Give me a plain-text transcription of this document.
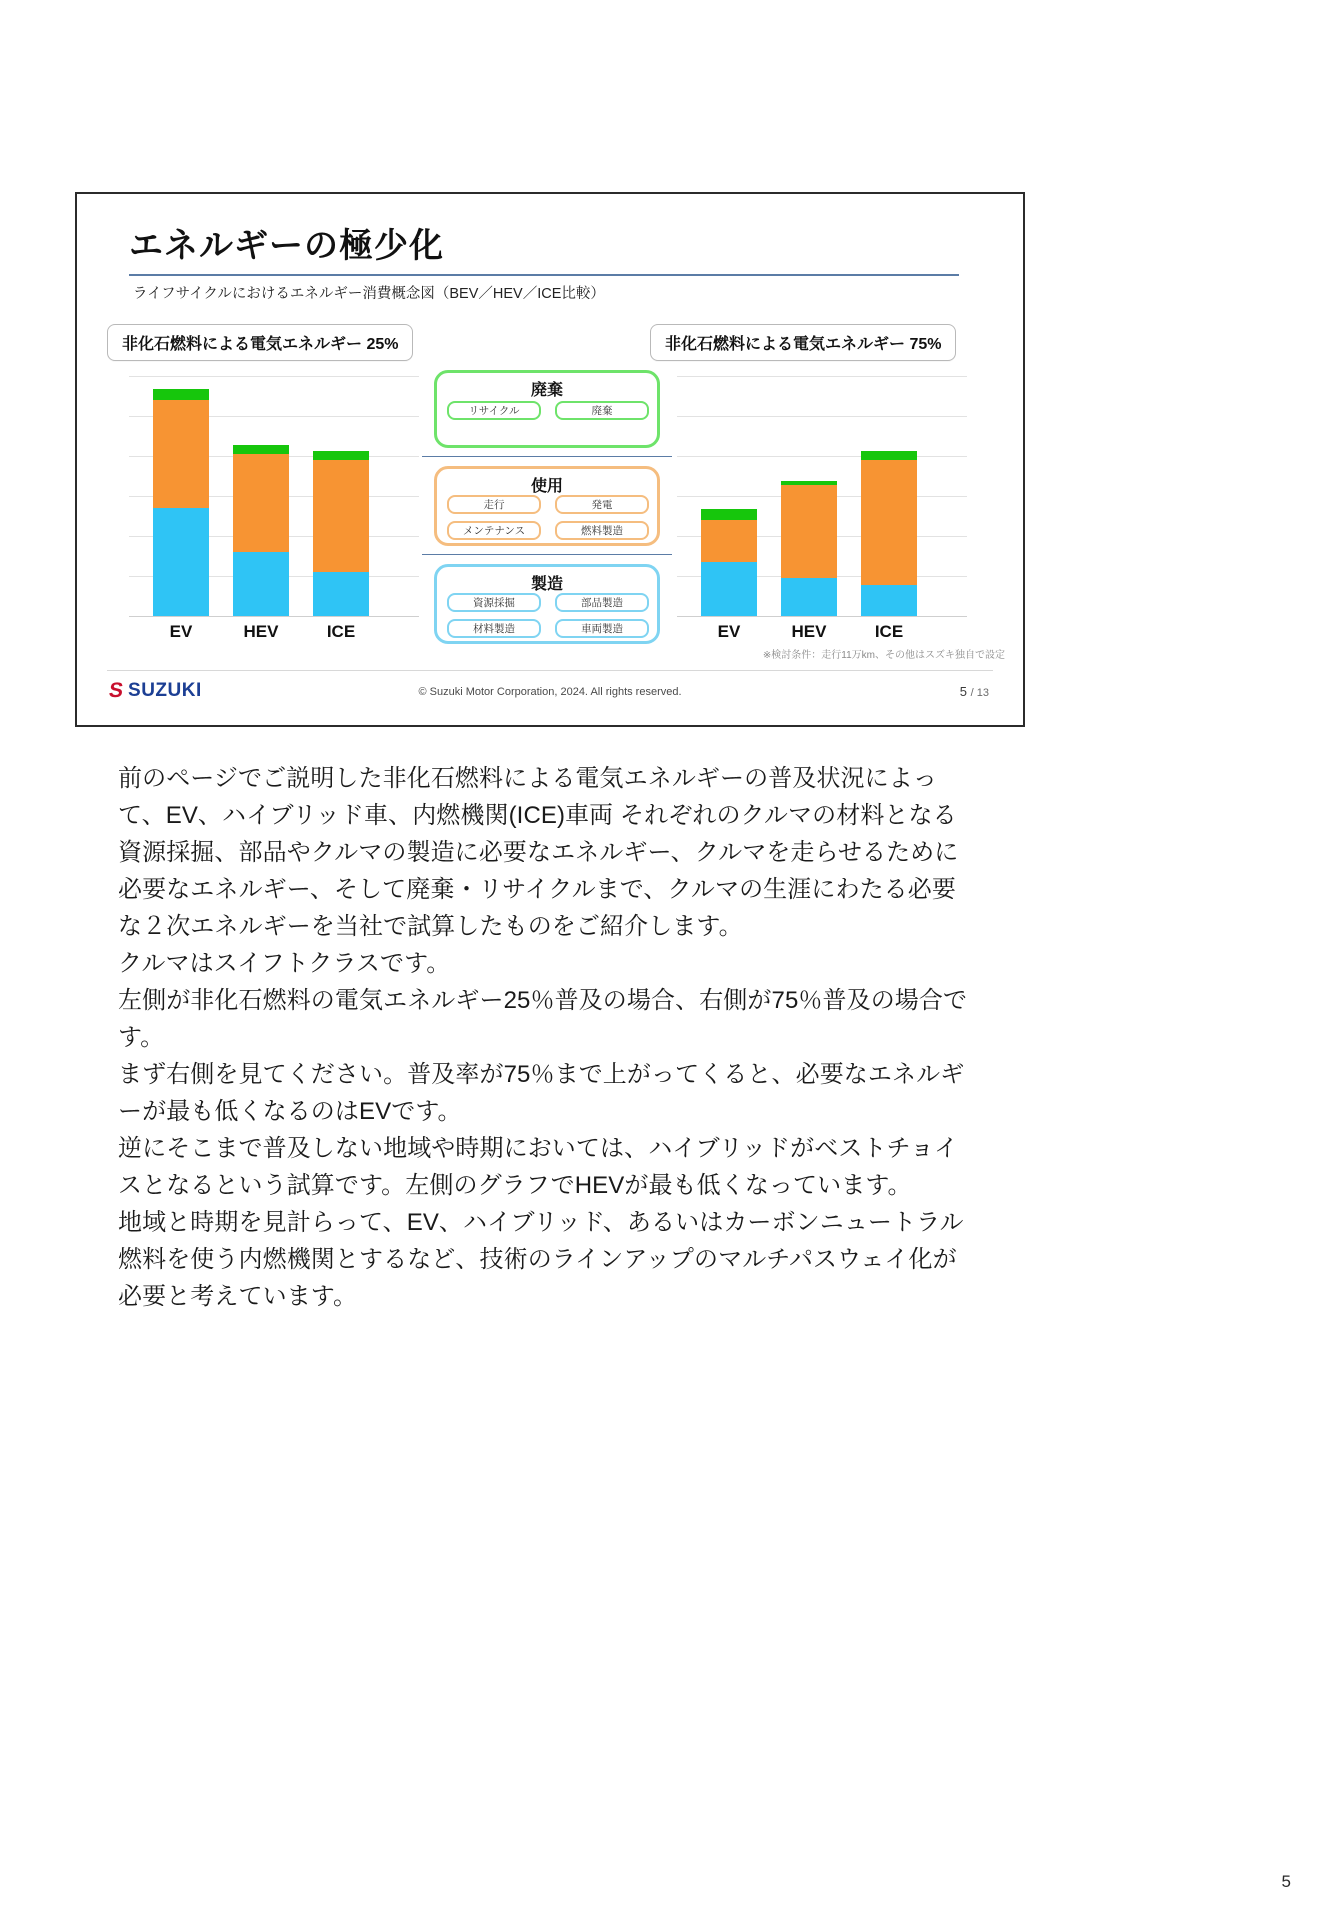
エネルギーの極少化
ライフサイクルにおけるエネルギー消費概念図（BEV／HEV／ICE比較）
非化石燃料による電気エネルギー 25%	非化石燃料による電気エネルギー 75%
EV	HEV	ICE
廃棄
リサイクル	廃棄
使用
走行	発電
メンテナンス	燃料製造
製造
資源採掘	部品製造
材料製造	車両製造	EV	HEV	ICE
※検討条件：走行11万km、その他はスズキ独自で設定
S SUZUKI	© Suzuki Motor Corporation, 2024. All rights reserved.	5 / 13

前のページでご説明した非化石燃料による電気エネルギーの普及状況によって、EV、ハイブリッド車、内燃機関(ICE)車両 それぞれのクルマの材料となる資源採掘、部品やクルマの製造に必要なエネルギー、クルマを走らせるために必要なエネルギー、そして廃棄・リサイクルまで、クルマの生涯にわたる必要な２次エネルギーを当社で試算したものをご紹介します。

クルマはスイフトクラスです。

左側が非化石燃料の電気エネルギー25％普及の場合、右側が75％普及の場合です。

まず右側を見てください。普及率が75％まで上がってくると、必要なエネルギーが最も低くなるのはEVです。

逆にそこまで普及しない地域や時期においては、ハイブリッドがベストチョイスとなるという試算です。左側のグラフでHEVが最も低くなっています。

地域と時期を見計らって、EV、ハイブリッド、あるいはカーボンニュートラル燃料を使う内燃機関とするなど、技術のラインアップのマルチパスウェイ化が必要と考えています。

5
